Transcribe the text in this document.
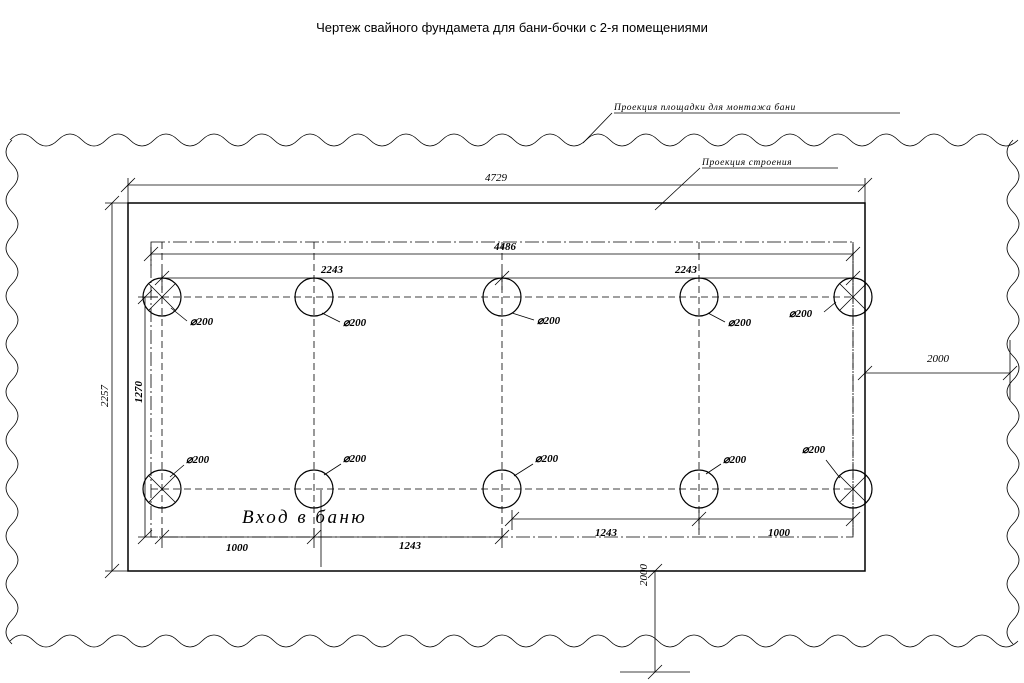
Чертеж свайного фундамета для бани-бочки с 2-я помещениями
⌀200	⌀200	⌀200	⌀200
⌀200
⌀200	⌀200	⌀200	⌀200
⌀200
Вход в баню
Проекция площадки для монтажа бани
Проекция строения
4729
4486
2243	2243
2257 1270
2000
2000
1000	1243
1243	1000
